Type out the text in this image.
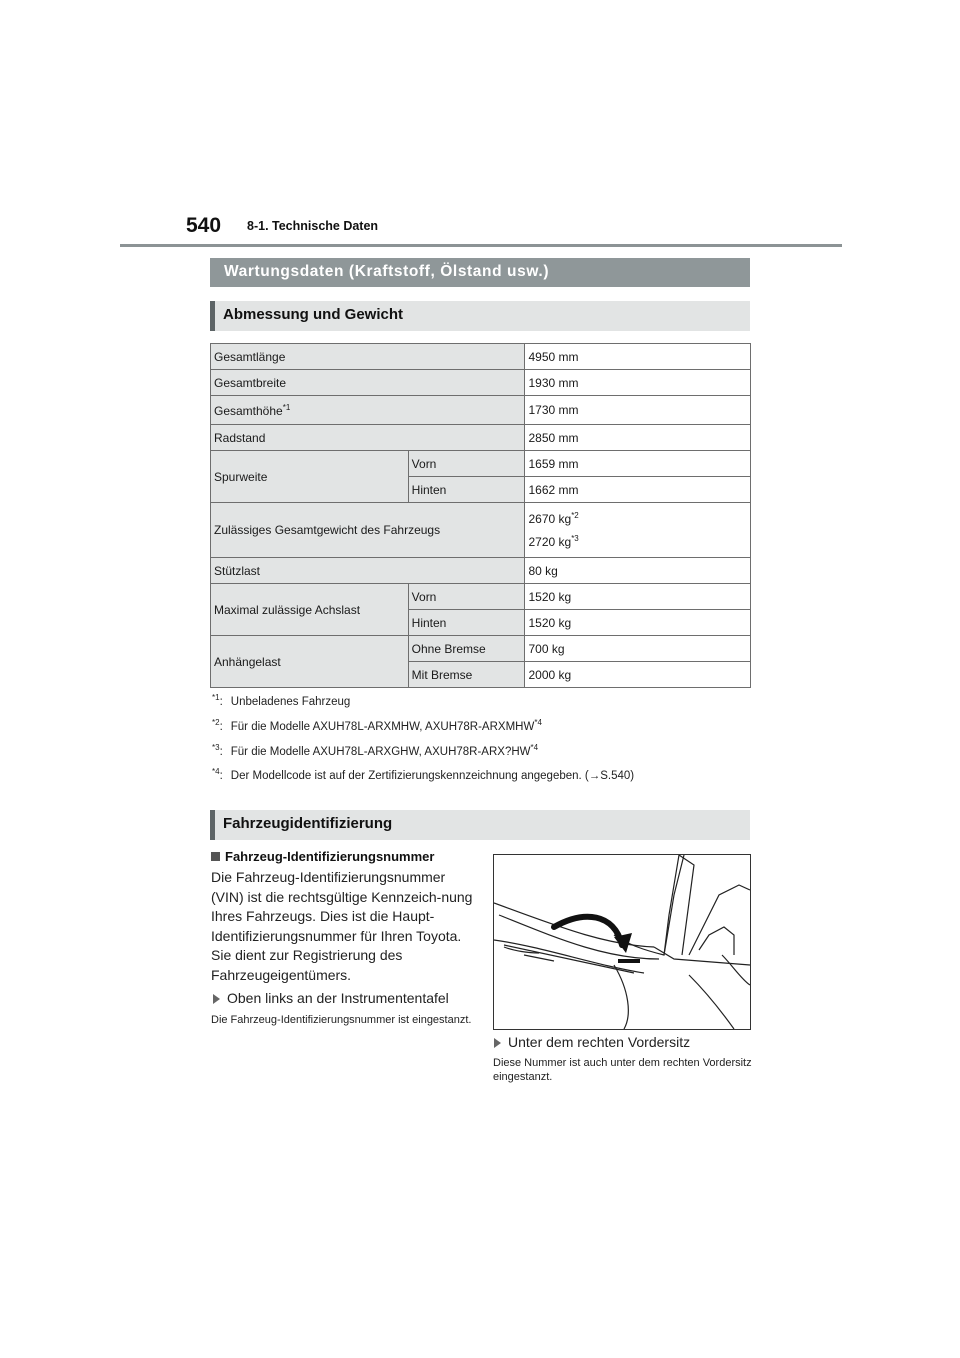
540 8-1. Technische Daten
Wartungsdaten (Kraftstoff, Ölstand usw.)
Abmessung und Gewicht
Gesamtlänge		4950 mm
Gesamtbreite		1930 mm
Gesamthöhe$^{*1}$		1730 mm
Radstand		2850 mm
Spurweite	Vorn	1659 mm
	Hinten	1662 mm
Zulässiges Gesamtgewicht des Fahrzeugs		2670 $kg^{*2}$
2720 $kg^{*3}$

Stützlast		80 kg
Maximal zulässige Achslast	Vorn	1520 kg
	Hinten	1520 kg
Anhängelast	Ohne Bremse	700 kg
	Mit Bremse	2000 kg
$^{*1}$: Unbeladenes Fahrzeug
$^{*2}$: Für die Modelle AXUH78L-ARXMHW, AXUH78R-ARXMHW$^{*4}$
$^{*3}$: Für die Modelle AXUH78L-ARXGHW, AXUH78R-ARX?HW$^{*4}$
$^{*4}$: Der Modellcode ist auf der Zertifizierungskennzeichnung angegeben. (→S.540)
Fahrzeugidentifizierung
Fahrzeug-Identifizierungsnummer
Die Fahrzeug-Identifizierungsnummer (VIN) ist die rechtsgültige Kennzeich-nung Ihres Fahrzeugs. Dies ist die Haupt-Identifizierungsnummer für Ihren Toyota. Sie dient zur Registrierung des Fahrzeugeigentümers.
Oben links an der Instrumententafel
Die Fahrzeug-Identifizierungsnummer ist eingestanzt.
Unter dem rechten Vordersitz
Diese Nummer ist auch unter dem rechten Vordersitz eingestanzt.
